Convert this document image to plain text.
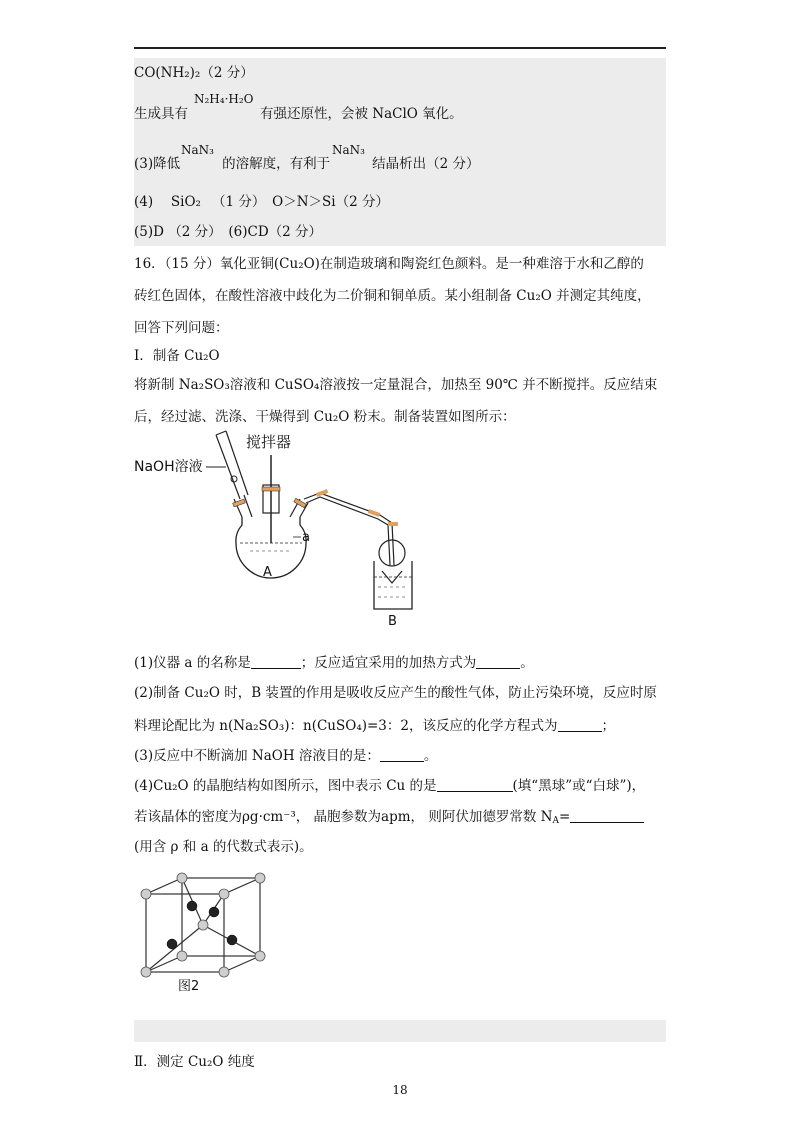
CO(NH₂)₂（2 分）
生成具有	有强还原性，会被 NaClO 氧化。
N₂H₄·H₂O
(3)降低	的溶解度，有利于	结晶析出（2 分）
NaN₃	NaN₃
(4)　 SiO₂ 　（1 分）　O＞N＞Si（2 分）
(5)D （2 分）　(6)CD（2 分）
16．（15 分）氧化亚铜(Cu₂O)在制造玻璃和陶瓷红色颜料。是一种难溶于水和乙醇的
砖红色固体，在酸性溶液中歧化为二价铜和铜单质。某小组制备 Cu₂O 并测定其纯度，
回答下列问题：
I．制备 Cu₂O
将新制 Na₂SO₃溶液和 CuSO₄溶液按一定量混合，加热至 90℃ 并不断搅拌。反应结束
后，经过滤、洗涤、干燥得到 Cu₂O 粉末。制备装置如图所示：
搅拌器
NaOH溶液
a
A
B
(1)仪器 a 的名称是	；反应适宜采用的加热方式为	。
(2)制备 Cu₂O 时，B 装置的作用是吸收反应产生的酸性气体，防止污染环境，反应时原
料理论配比为 n(Na₂SO₃)：n(CuSO₄)=3：2，该反应的化学方程式为	；
(3)反应中不断滴加 NaOH 溶液目的是：	。
(4)Cu₂O 的晶胞结构如图所示，图中表示 Cu 的是	(填“黑球”或“白球”)，
若该晶体的密度为ρg·cm⁻³， 晶胞参数为apm， 则阿伏加德罗常数 $N_A=$
(用含 ρ 和 a 的代数式表示)。
图2
Ⅱ．测定 Cu₂O 纯度
18
